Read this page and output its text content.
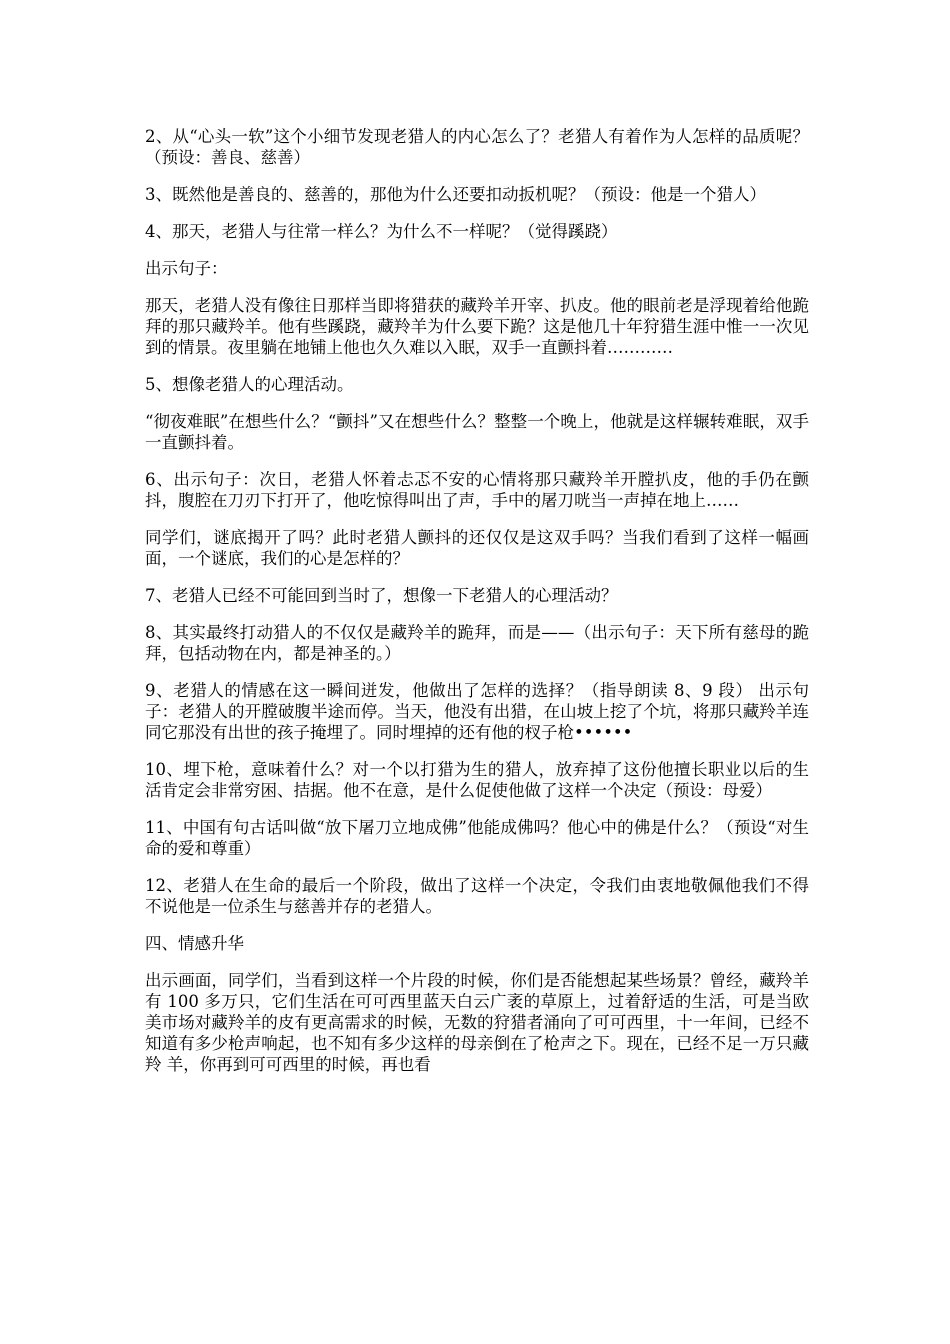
2、从“心头一软”这个小细节发现老猎人的内心怎么了？老猎人有着作为人怎样的品质呢？（预设：善良、慈善）

3、既然他是善良的、慈善的，那他为什么还要扣动扳机呢？（预设：他是一个猎人）

4、那天，老猎人与往常一样么？为什么不一样呢？（觉得蹊跷）

出示句子：

那天，老猎人没有像往日那样当即将猎获的藏羚羊开宰、扒皮。他的眼前老是浮现着给他跪拜的那只藏羚羊。他有些蹊跷，藏羚羊为什么要下跪？这是他几十年狩猎生涯中惟一一次见到的情景。夜里躺在地铺上他也久久难以入眠，双手一直颤抖着…………

5、想像老猎人的心理活动。

“彻夜难眠”在想些什么？“颤抖”又在想些什么？整整一个晚上，他就是这样辗转难眠，双手一直颤抖着。

6、出示句子：次日，老猎人怀着忐忑不安的心情将那只藏羚羊开膛扒皮，他的手仍在颤抖，腹腔在刀刃下打开了，他吃惊得叫出了声，手中的屠刀咣当一声掉在地上……

同学们，谜底揭开了吗？此时老猎人颤抖的还仅仅是这双手吗？当我们看到了这样一幅画面，一个谜底，我们的心是怎样的？

7、老猎人已经不可能回到当时了，想像一下老猎人的心理活动？

8、其实最终打动猎人的不仅仅是藏羚羊的跪拜，而是——（出示句子：天下所有慈母的跪拜，包括动物在内，都是神圣的。）

9、老猎人的情感在这一瞬间迸发，他做出了怎样的选择？（指导朗读 8、9 段） 出示句子：老猎人的开膛破腹半途而停。当天，他没有出猎，在山坡上挖了个坑，将那只藏羚羊连同它那没有出世的孩子掩埋了。同时埋掉的还有他的杈子枪••••••

10、埋下枪，意味着什么？对一个以打猎为生的猎人，放弃掉了这份他擅长职业以后的生活肯定会非常穷困、拮据。他不在意，是什么促使他做了这样一个决定（预设：母爱）

11、中国有句古话叫做“放下屠刀立地成佛”他能成佛吗？他心中的佛是什么？（预设“对生命的爱和尊重）

12、老猎人在生命的最后一个阶段，做出了这样一个决定，令我们由衷地敬佩他我们不得不说他是一位杀生与慈善并存的老猎人。

四、情感升华

出示画面，同学们，当看到这样一个片段的时候，你们是否能想起某些场景？曾经，藏羚羊有 100 多万只，它们生活在可可西里蓝天白云广袤的草原上，过着舒适的生活，可是当欧美市场对藏羚羊的皮有更高需求的时候，无数的狩猎者涌向了可可西里，十一年间，已经不知道有多少枪声响起，也不知有多少这样的母亲倒在了枪声之下。现在，已经不足一万只藏羚 羊，你再到可可西里的时候，再也看
